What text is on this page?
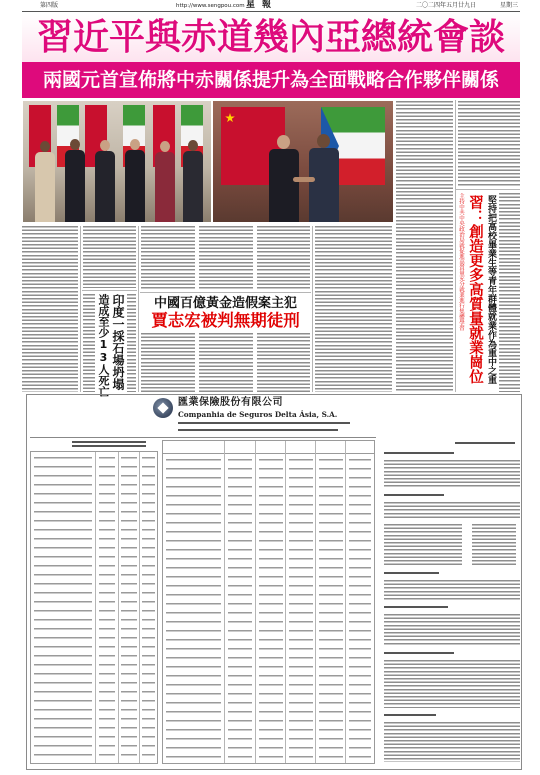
第四版	http://www.sengpou.com 星報	二〇二四年五月廿九日	星期三
習近平與赤道幾內亞總統會談
兩國元首宣佈將中赤關係提升為全面戰略合作夥伴關係
造成至少13人死亡 印度一採石場坍塌	中國百億黃金造假案主犯
賈志宏被判無期徒刑	主持中共中央政治局就促進高質量充分就業進行集體學習 習：創造更多高質量就業崗位 堅持把高校畢業生等青年群體就業作為重中之重
匯業保險股份有限公司
Companhia de Seguros Delta Ásia, S.A.
